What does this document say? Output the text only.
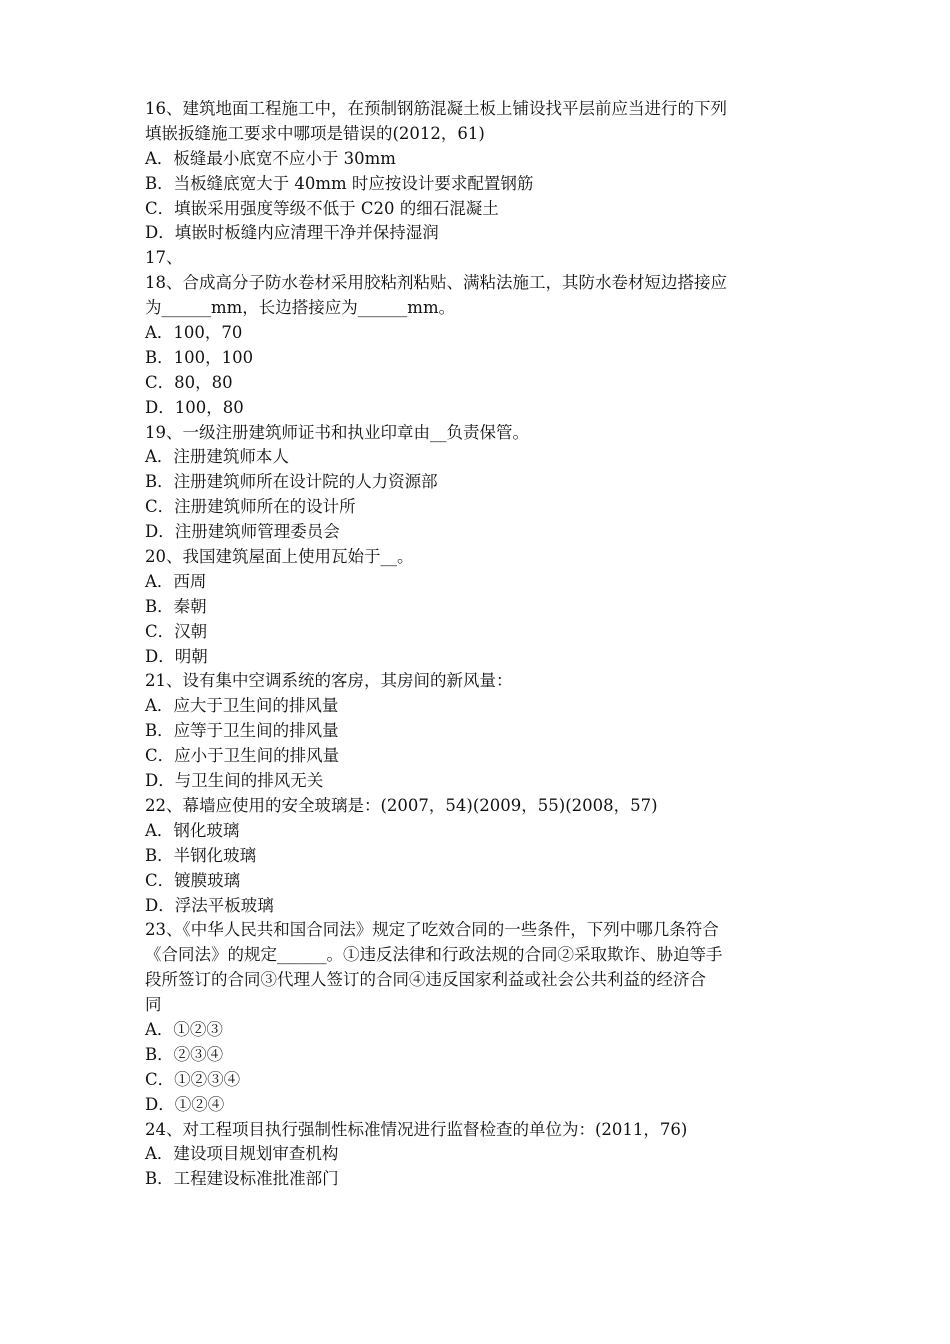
16、建筑地面工程施工中，在预制钢筋混凝土板上铺设找平层前应当进行的下列
填嵌扳缝施工要求中哪项是错误的(2012，61)
A．板缝最小底宽不应小于 30mm
B．当板缝底宽大于 40mm 时应按设计要求配置钢筋
C．填嵌采用强度等级不低于 C20 的细石混凝土
D．填嵌时板缝内应清理干净并保持湿润
17、
18、合成高分子防水卷材采用胶粘剂粘贴、满粘法施工，其防水卷材短边搭接应
为______mm，长边搭接应为______mm。
A．100，70
B．100，100
C．80，80
D．100，80
19、一级注册建筑师证书和执业印章由__负责保管。
A．注册建筑师本人
B．注册建筑师所在设计院的人力资源部
C．注册建筑师所在的设计所
D．注册建筑师管理委员会
20、我国建筑屋面上使用瓦始于__。
A．西周
B．秦朝
C．汉朝
D．明朝
21、设有集中空调系统的客房，其房间的新风量：
A．应大于卫生间的排风量
B．应等于卫生间的排风量
C．应小于卫生间的排风量
D．与卫生间的排风无关
22、幕墙应使用的安全玻璃是：(2007，54)(2009，55)(2008，57)
A．钢化玻璃
B．半钢化玻璃
C．镀膜玻璃
D．浮法平板玻璃
23、《中华人民共和国合同法》规定了吃效合同的一些条件，下列中哪几条符合
《合同法》的规定______。①违反法律和行政法规的合同②采取欺诈、胁迫等手
段所签订的合同③代理人签订的合同④违反国家利益或社会公共利益的经济合
同
A．①②③
B．②③④
C．①②③④
D．①②④
24、对工程项目执行强制性标准情况进行监督检查的单位为：(2011，76)
A．建设项目规划审查机构
B．工程建设标准批准部门
